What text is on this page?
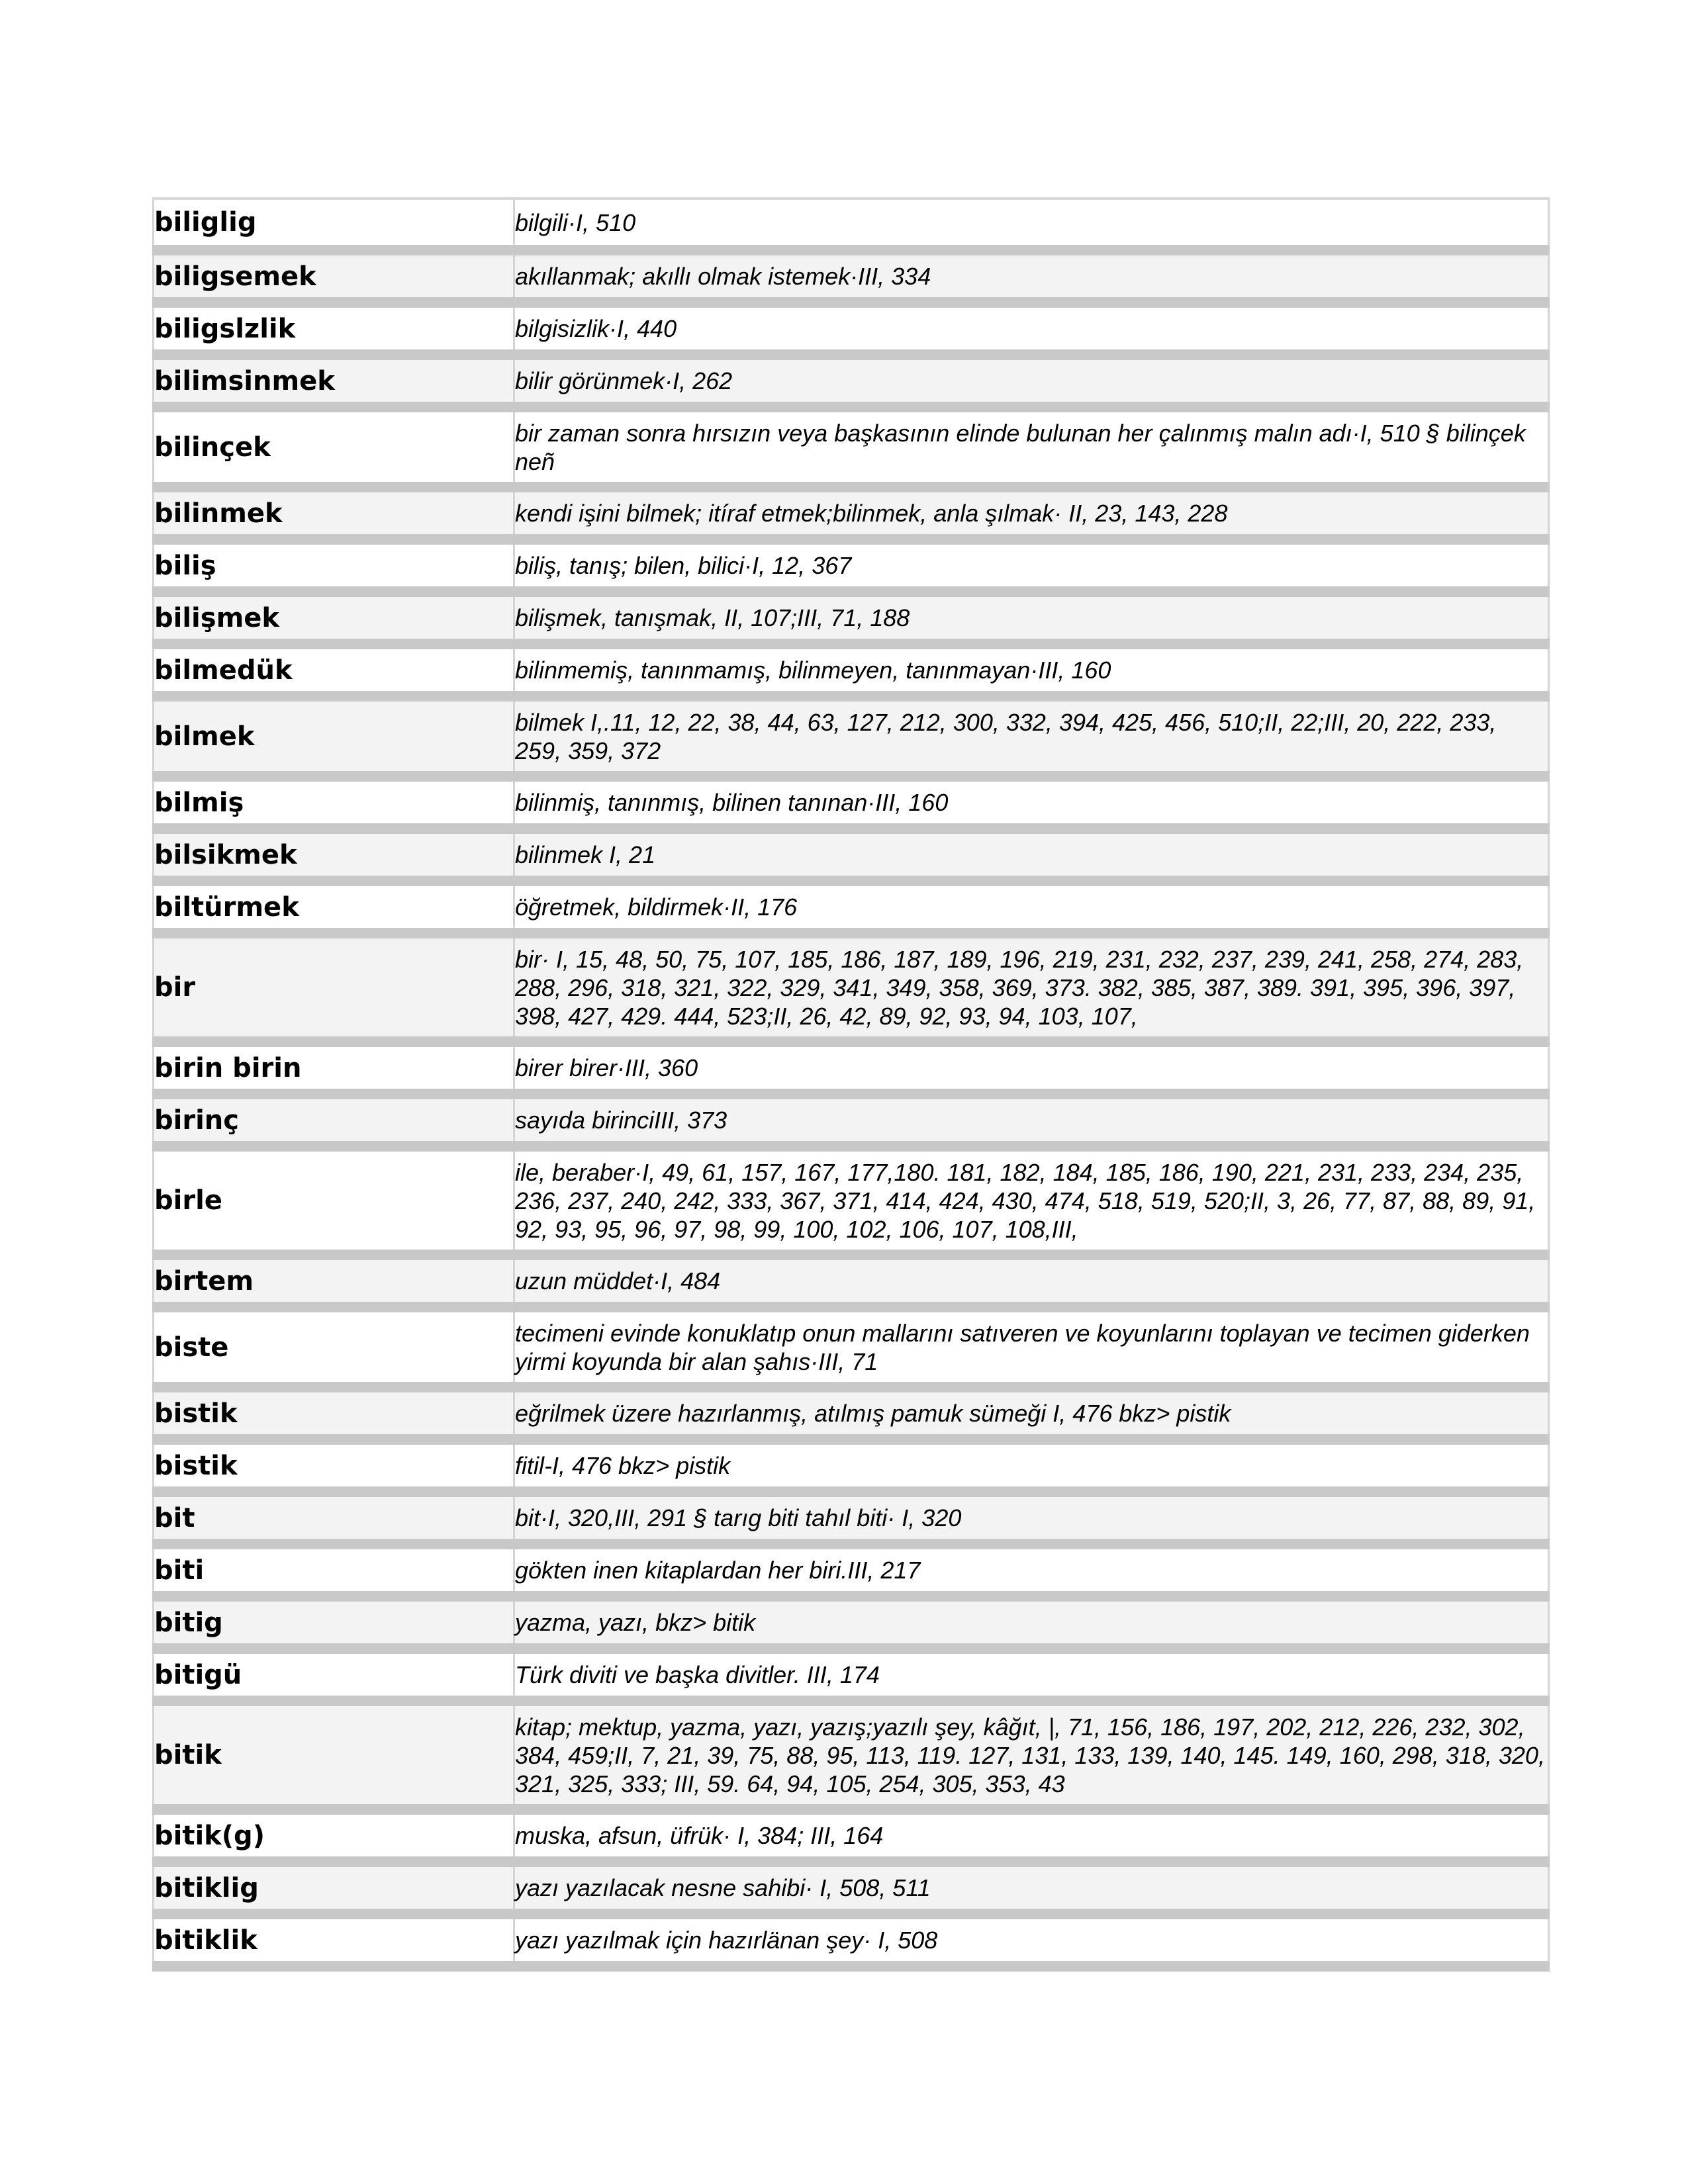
biliglig	bilgili·I, 510
biligsemek	akıllanmak; akıllı olmak istemek·III, 334
biligslzlik	bilgisizlik·I, 440
bilimsinmek	bilir görünmek·I, 262
bilinçek	bir zaman sonra hırsızın veya başkasının elinde bulunan her çalınmış malın adı·I, 510 § bilinçek neñ
bilinmek	kendi işini bilmek; itíraf etmek;bilinmek, anla şılmak· II, 23, 143, 228
biliş	biliş, tanış; bilen, bilici·I, 12, 367
bilişmek	bilişmek, tanışmak, II, 107;III, 71, 188
bilmedük	bilinmemiş, tanınmamış, bilinmeyen, tanınmayan·III, 160
bilmek	bilmek I,.11, 12, 22, 38, 44, 63, 127, 212, 300, 332, 394, 425, 456, 510;II, 22;III, 20, 222, 233, 259, 359, 372
bilmiş	bilinmiş, tanınmış, bilinen tanınan·III, 160
bilsikmek	bilinmek I, 21
biltürmek	öğretmek, bildirmek·II, 176
bir	bir· I, 15, 48, 50, 75, 107, 185, 186, 187, 189, 196, 219, 231, 232, 237, 239, 241, 258, 274, 283, 288, 296, 318, 321, 322, 329, 341, 349, 358, 369, 373. 382, 385, 387, 389. 391, 395, 396, 397, 398, 427, 429. 444, 523;II, 26, 42, 89, 92, 93, 94, 103, 107,
birin birin	birer birer·III, 360
birinç	sayıda birinciIII, 373
birle	ile, beraber·I, 49, 61, 157, 167, 177,180. 181, 182, 184, 185, 186, 190, 221, 231, 233, 234, 235, 236, 237, 240, 242, 333, 367, 371, 414, 424, 430, 474, 518, 519, 520;II, 3, 26, 77, 87, 88, 89, 91, 92, 93, 95, 96, 97, 98, 99, 100, 102, 106, 107, 108,III,
birtem	uzun müddet·I, 484
biste	tecimeni evinde konuklatıp onun mallarını satıveren ve koyunlarını toplayan ve tecimen giderken yirmi koyunda bir alan şahıs·III, 71
bistik	eğrilmek üzere hazırlanmış, atılmış pamuk sümeği I, 476 bkz> pistik
bistik	fitil-I, 476 bkz> pistik
bit	bit·I, 320,III, 291 § tarıg biti tahıl biti· I, 320
biti	gökten inen kitaplardan her biri.III, 217
bitig	yazma, yazı, bkz> bitik
bitigü	Türk diviti ve başka divitler. III, 174
bitik	kitap; mektup, yazma, yazı, yazış;yazılı şey, kâğıt, |, 71, 156, 186, 197, 202, 212, 226, 232, 302, 384, 459;II, 7, 21, 39, 75, 88, 95, 113, 119. 127, 131, 133, 139, 140, 145. 149, 160, 298, 318, 320, 321, 325, 333; III, 59. 64, 94, 105, 254, 305, 353, 43
bitik(g)	muska, afsun, üfrük· I, 384; III, 164
bitiklig	yazı yazılacak nesne sahibi· I, 508, 511
bitiklik	yazı yazılmak için hazırlänan şey· I, 508
